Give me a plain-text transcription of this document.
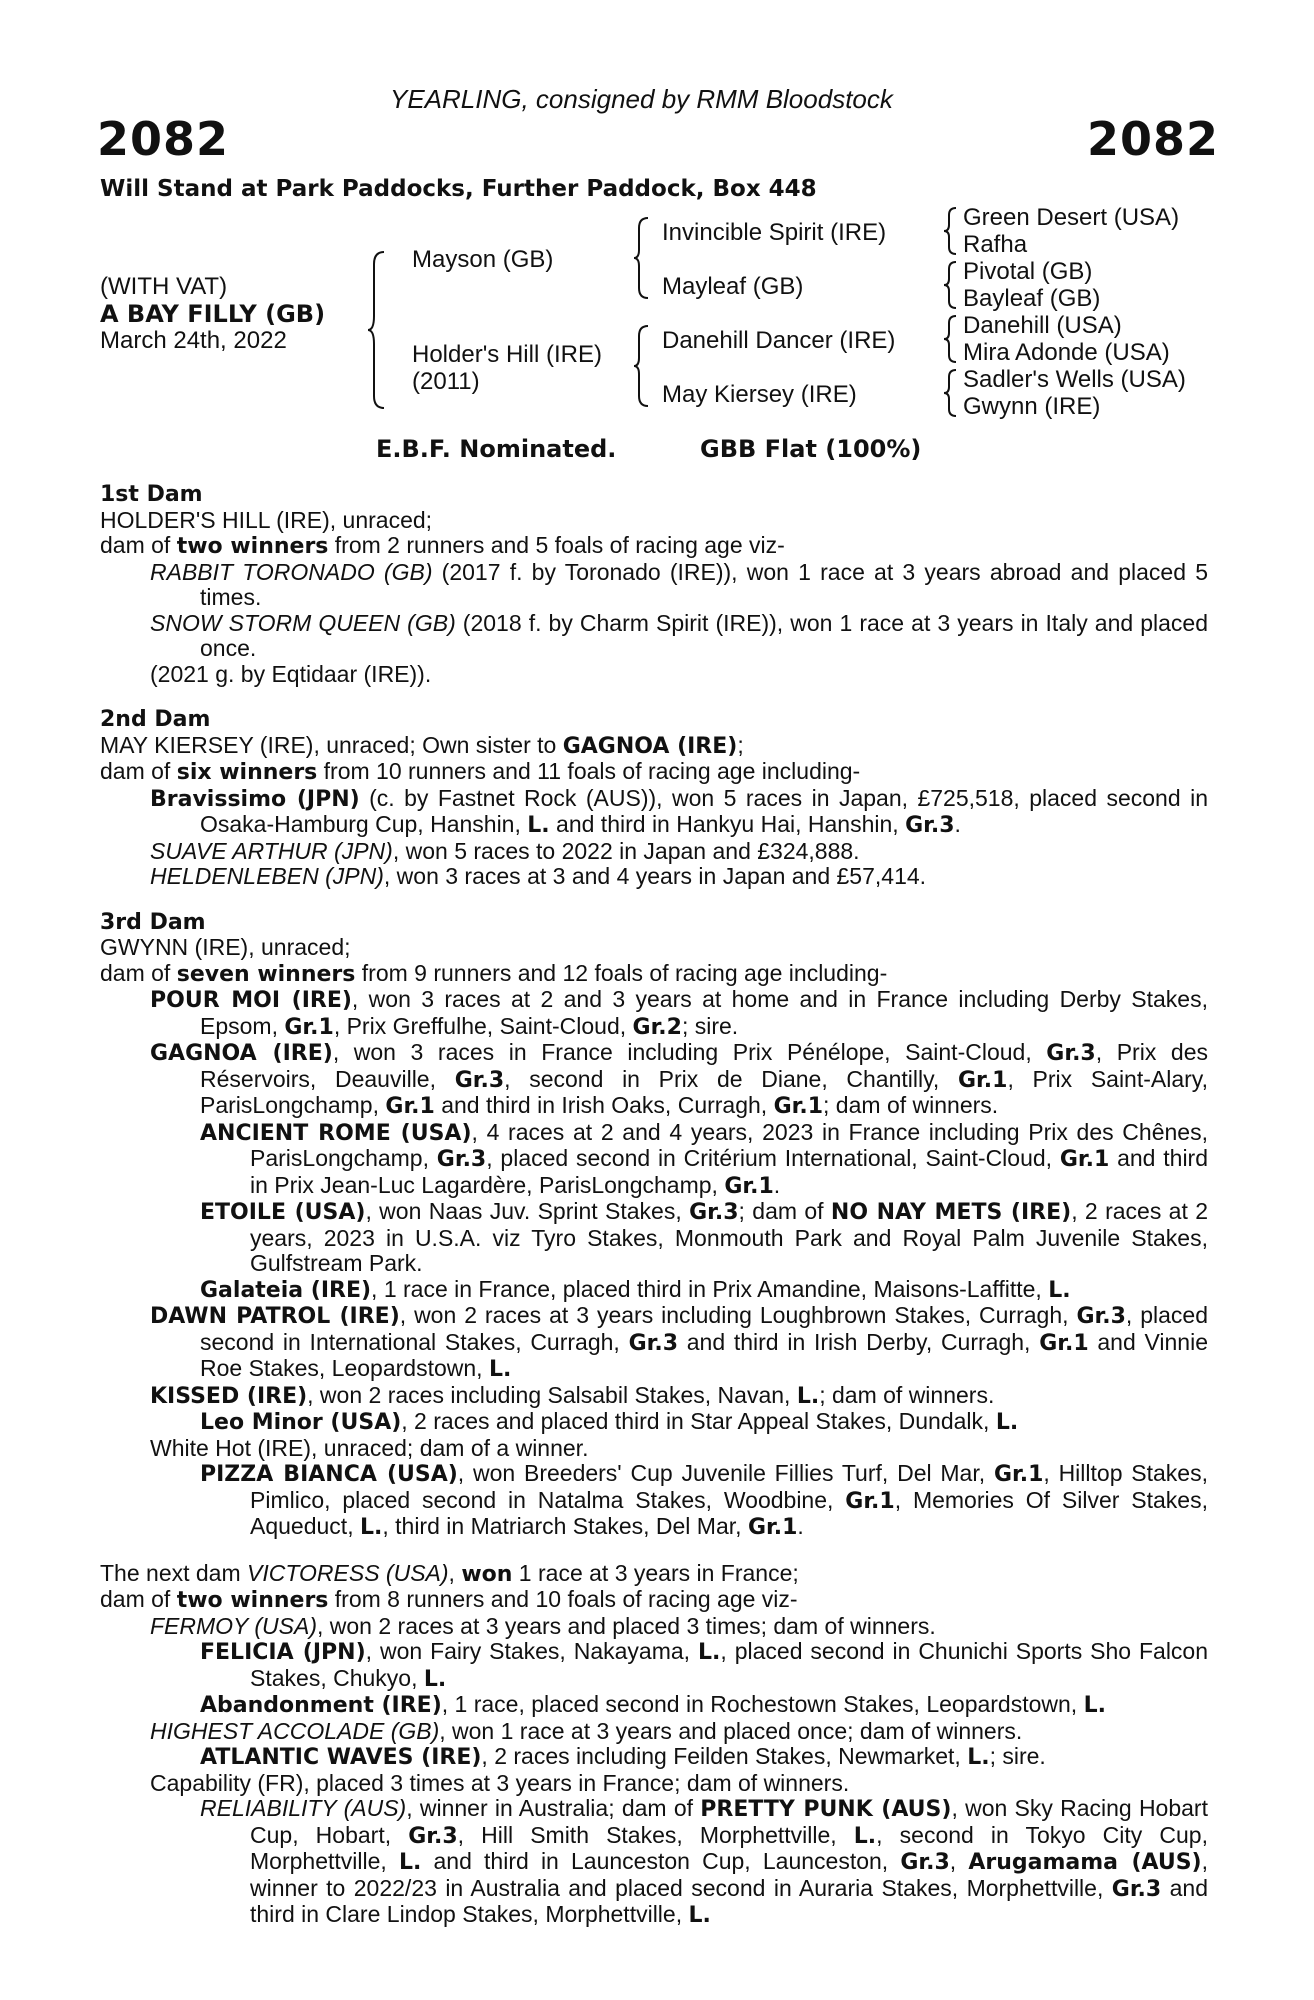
YEARLING, consigned by RMM Bloodstock
2082	2082
Will Stand at Park Paddocks, Further Paddock, Box 448
(WITH VAT)
A BAY FILLY (GB)
March 24th, 2022
Mayson (GB)
Holder's Hill (IRE)
(2011)
Invincible Spirit (IRE)
Mayleaf (GB)
Danehill Dancer (IRE)
May Kiersey (IRE)
Green Desert (USA)
Rafha
Pivotal (GB)
Bayleaf (GB)
Danehill (USA)
Mira Adonde (USA)
Sadler's Wells (USA)
Gwynn (IRE)
E.B.F. Nominated.	GBB Flat (100%)
1st Dam
HOLDER'S HILL (IRE), unraced;
dam of two winners from 2 runners and 5 foals of racing age viz-
RABBIT TORONADO (GB) (2017 f. by Toronado (IRE)), won 1 race at 3 years abroad and placed 5 times.
SNOW STORM QUEEN (GB) (2018 f. by Charm Spirit (IRE)), won 1 race at 3 years in Italy and placed once.
(2021 g. by Eqtidaar (IRE)).
2nd Dam
MAY KIERSEY (IRE), unraced; Own sister to GAGNOA (IRE);
dam of six winners from 10 runners and 11 foals of racing age including-
Bravissimo (JPN) (c. by Fastnet Rock (AUS)), won 5 races in Japan, £725,518, placed second in Osaka-Hamburg Cup, Hanshin, L. and third in Hankyu Hai, Hanshin, Gr.3.
SUAVE ARTHUR (JPN), won 5 races to 2022 in Japan and £324,888.
HELDENLEBEN (JPN), won 3 races at 3 and 4 years in Japan and £57,414.
3rd Dam
GWYNN (IRE), unraced;
dam of seven winners from 9 runners and 12 foals of racing age including-
POUR MOI (IRE), won 3 races at 2 and 3 years at home and in France including Derby Stakes, Epsom, Gr.1, Prix Greffulhe, Saint-Cloud, Gr.2; sire.
GAGNOA (IRE), won 3 races in France including Prix Pénélope, Saint-Cloud, Gr.3, Prix des Réservoirs, Deauville, Gr.3, second in Prix de Diane, Chantilly, Gr.1, Prix Saint-Alary, ParisLongchamp, Gr.1 and third in Irish Oaks, Curragh, Gr.1; dam of winners.
ANCIENT ROME (USA), 4 races at 2 and 4 years, 2023 in France including Prix des Chênes, ParisLongchamp, Gr.3, placed second in Critérium International, Saint-Cloud, Gr.1 and third in Prix Jean-Luc Lagardère, ParisLongchamp, Gr.1.
ETOILE (USA), won Naas Juv. Sprint Stakes, Gr.3; dam of NO NAY METS (IRE), 2 races at 2 years, 2023 in U.S.A. viz Tyro Stakes, Monmouth Park and Royal Palm Juvenile Stakes, Gulfstream Park.
Galateia (IRE), 1 race in France, placed third in Prix Amandine, Maisons-Laffitte, L.
DAWN PATROL (IRE), won 2 races at 3 years including Loughbrown Stakes, Curragh, Gr.3, placed second in International Stakes, Curragh, Gr.3 and third in Irish Derby, Curragh, Gr.1 and Vinnie Roe Stakes, Leopardstown, L.
KISSED (IRE), won 2 races including Salsabil Stakes, Navan, L.; dam of winners.
Leo Minor (USA), 2 races and placed third in Star Appeal Stakes, Dundalk, L.
White Hot (IRE), unraced; dam of a winner.
PIZZA BIANCA (USA), won Breeders' Cup Juvenile Fillies Turf, Del Mar, Gr.1, Hilltop Stakes, Pimlico, placed second in Natalma Stakes, Woodbine, Gr.1, Memories Of Silver Stakes, Aqueduct, L., third in Matriarch Stakes, Del Mar, Gr.1.
The next dam VICTORESS (USA), won 1 race at 3 years in France;
dam of two winners from 8 runners and 10 foals of racing age viz-
FERMOY (USA), won 2 races at 3 years and placed 3 times; dam of winners.
FELICIA (JPN), won Fairy Stakes, Nakayama, L., placed second in Chunichi Sports Sho Falcon Stakes, Chukyo, L.
Abandonment (IRE), 1 race, placed second in Rochestown Stakes, Leopardstown, L.
HIGHEST ACCOLADE (GB), won 1 race at 3 years and placed once; dam of winners.
ATLANTIC WAVES (IRE), 2 races including Feilden Stakes, Newmarket, L.; sire.
Capability (FR), placed 3 times at 3 years in France; dam of winners.
RELIABILITY (AUS), winner in Australia; dam of PRETTY PUNK (AUS), won Sky Racing Hobart Cup, Hobart, Gr.3, Hill Smith Stakes, Morphettville, L., second in Tokyo City Cup, Morphettville, L. and third in Launceston Cup, Launceston, Gr.3, Arugamama (AUS), winner to 2022/23 in Australia and placed second in Auraria Stakes, Morphettville, Gr.3 and third in Clare Lindop Stakes, Morphettville, L.
